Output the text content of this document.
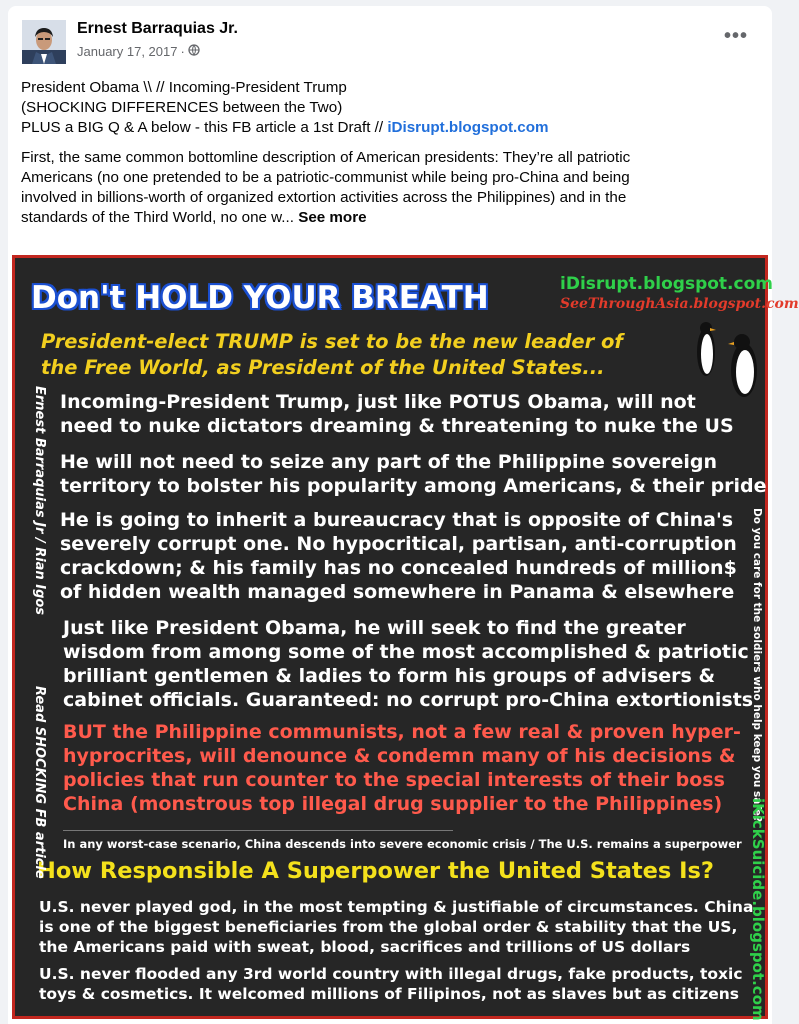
Ernest Barraquias Jr.
January 17, 2017 ·
•••
President Obama \\ // Incoming-President Trump
(SHOCKING DIFFERENCES between the Two)
PLUS a BIG Q & A below - this FB article a 1st Draft // iDisrupt.blogspot.com
First, the same common bottomline description of American presidents: They’re all patriotic
Americans (no one pretended to be a patriotic-communist while being pro-China and being
involved in billions-worth of organized extortion activities across the Philippines) and in the
standards of the Third World, no one w... See more
Don't HOLD YOUR BREATH	iDisrupt.blogspot.com
SeeThroughAsia.blogspot.com
President-elect TRUMP is set to be the new leader of
the Free World, as President of the United States...
Incoming-President Trump, just like POTUS Obama, will not
need to nuke dictators dreaming & threatening to nuke the US
He will not need to seize any part of the Philippine sovereign
territory to bolster his popularity among Americans, & their pride
He is going to inherit a bureaucracy that is opposite of China's
severely corrupt one. No hypocritical, partisan, anti-corruption
crackdown; & his family has no concealed hundreds of million$
of hidden wealth managed somewhere in Panama & elsewhere
Just like President Obama, he will seek to find the greater
wisdom from among some of the most accomplished & patriotic
brilliant gentlemen & ladies to form his groups of advisers &
cabinet officials. Guaranteed: no corrupt pro-China extortionists
BUT the Philippine communists, not a few real & proven hyper-
hyprocrites, will denounce & condemn many of his decisions &
policies that run counter to the special interests of their boss
China (monstrous top illegal drug supplier to the Philippines)
In any worst-case scenario, China descends into severe economic crisis / The U.S. remains a superpower
How Responsible A Superpower the United States Is?
U.S. never played god, in the most tempting & justifiable of circumstances. China
is one of the biggest beneficiaries from the global order & stability that the US,
the Americans paid with sweat, blood, sacrifices and trillions of US dollars
U.S. never flooded any 3rd world country with illegal drugs, fake products, toxic
toys & cosmetics. It welcomed millions of Filipinos, not as slaves but as citizens
Ernest Barraquias Jr / Rian Igos
Read SHOCKING FB article	Do you care for the soldiers who help keep you safe?
iKickSuicide.blogspot.com
